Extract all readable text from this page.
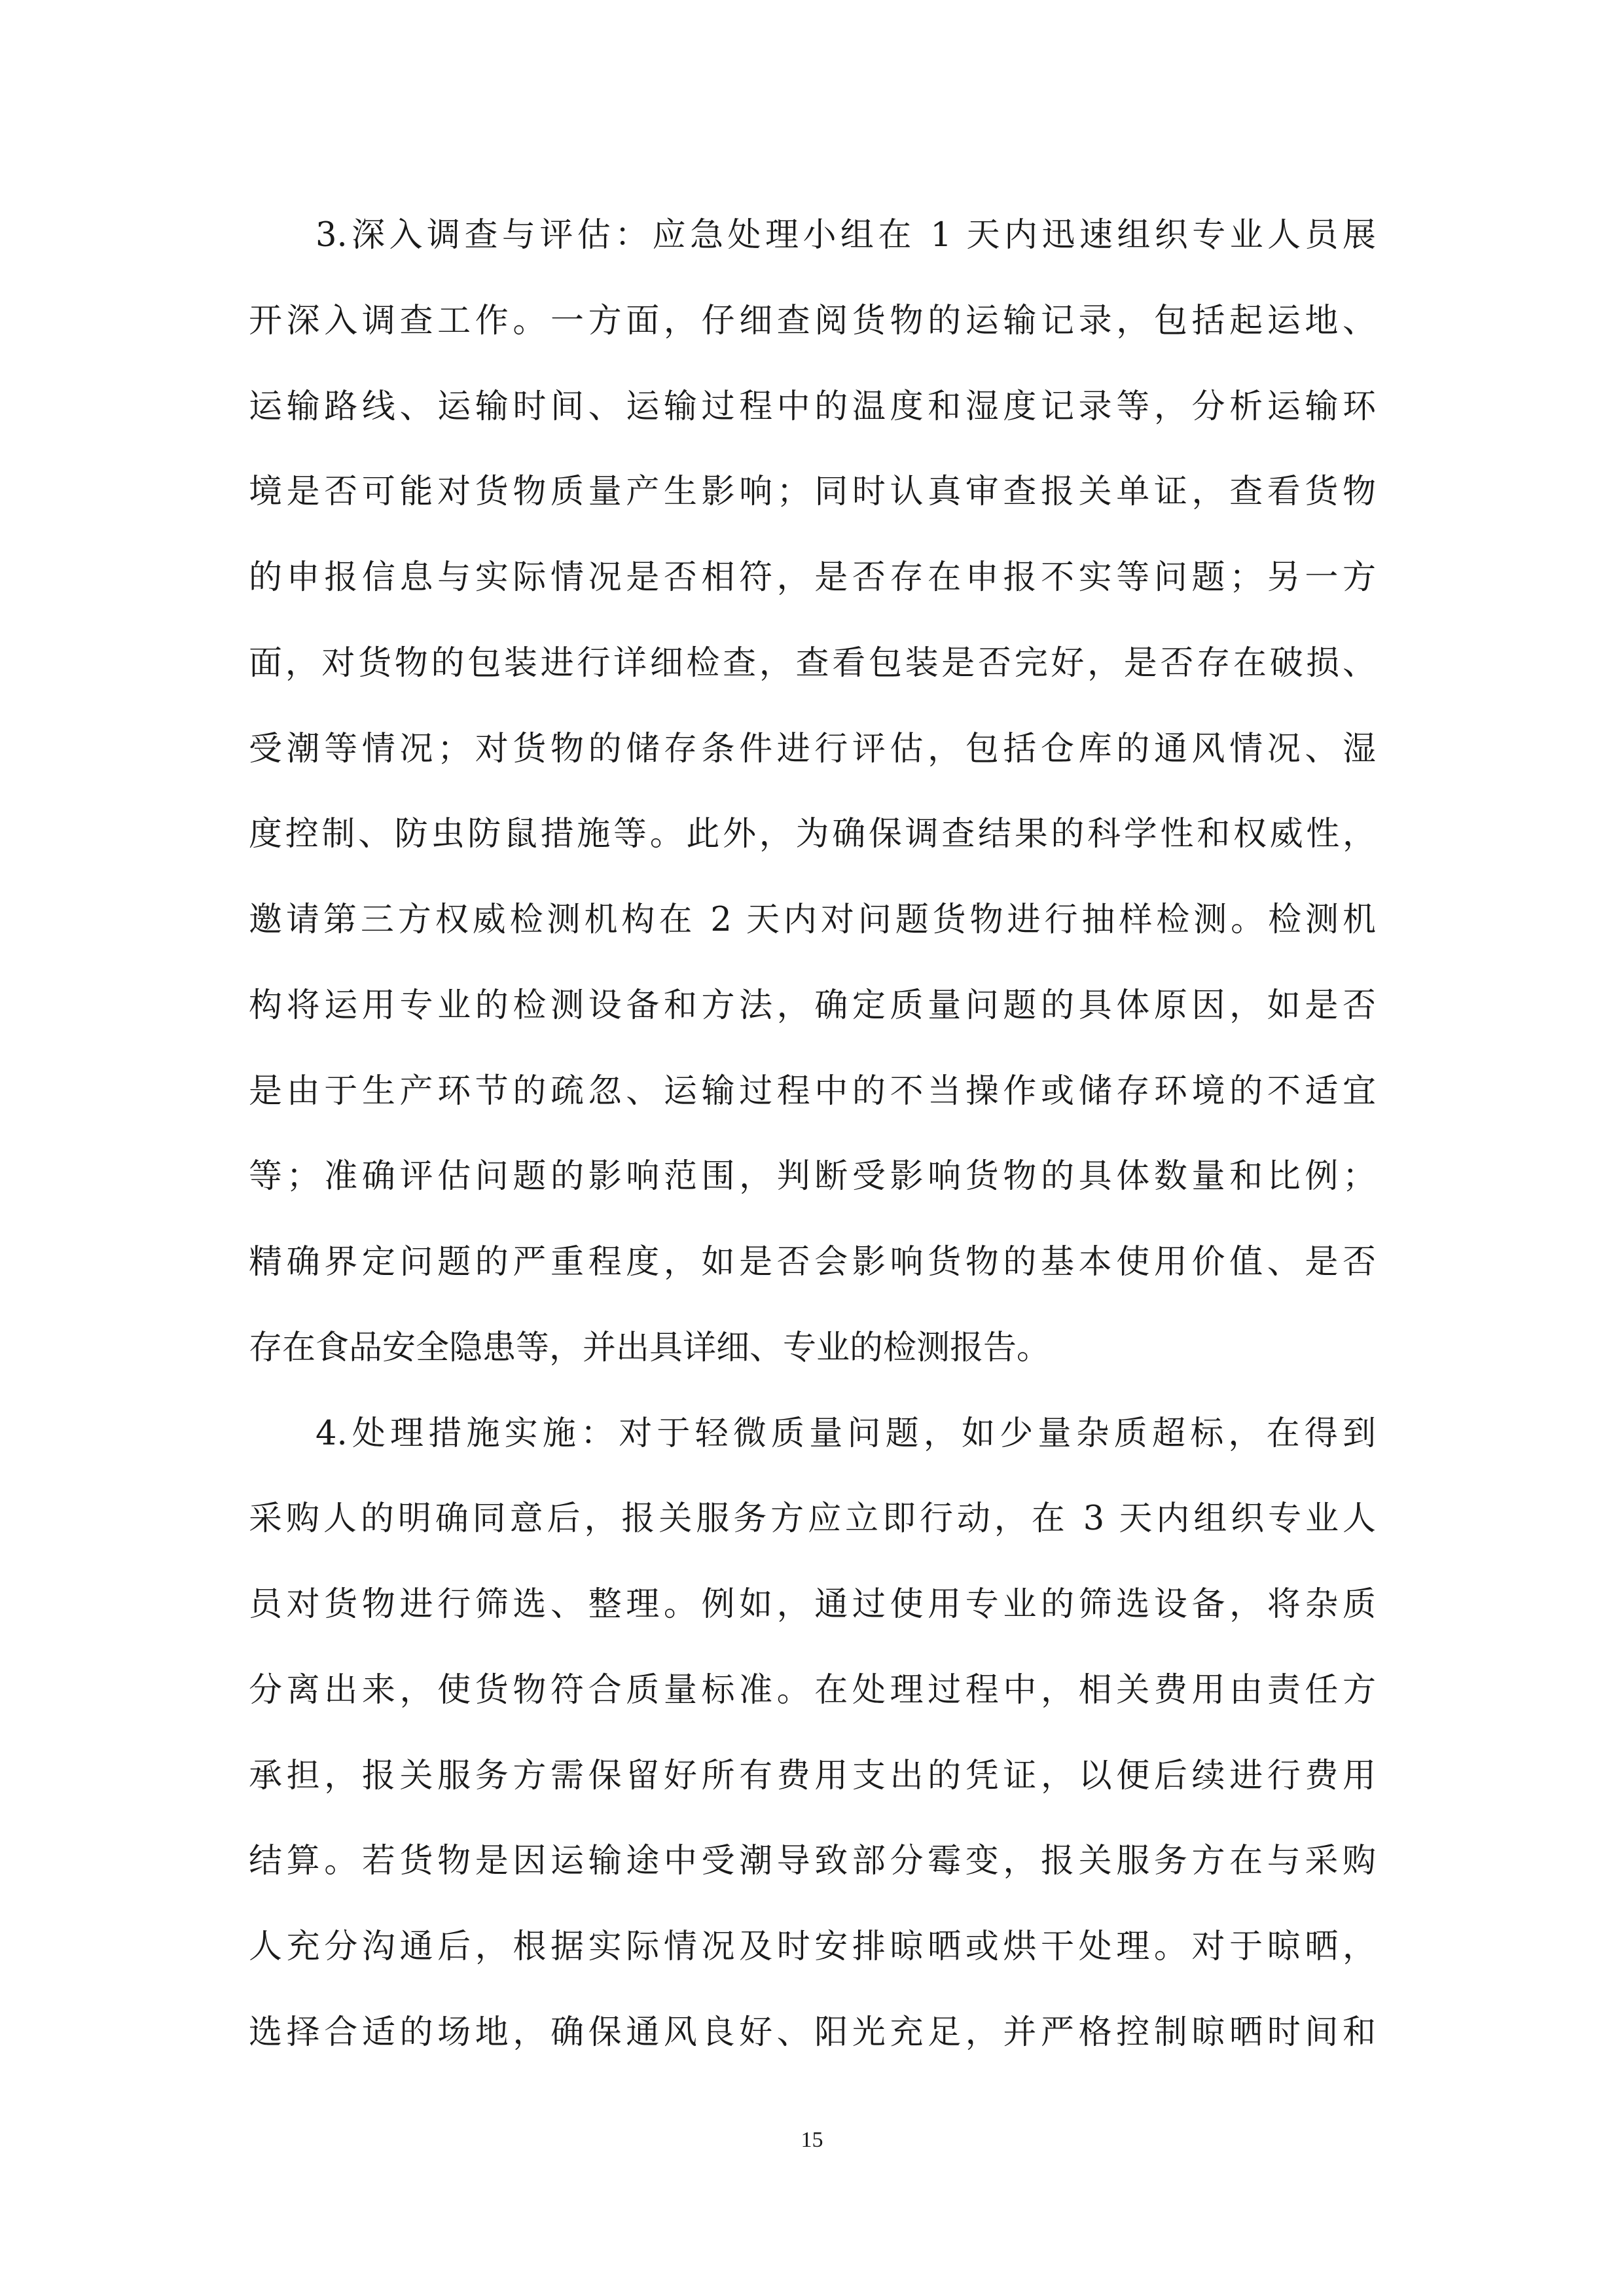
3.深入调查与评估：应急处理小组在 1 天内迅速组织专业人员展
开深入调查工作。一方面，仔细查阅货物的运输记录，包括起运地、
运输路线、运输时间、运输过程中的温度和湿度记录等，分析运输环
境是否可能对货物质量产生影响；同时认真审查报关单证，查看货物
的申报信息与实际情况是否相符，是否存在申报不实等问题；另一方
面，对货物的包装进行详细检查，查看包装是否完好，是否存在破损、
受潮等情况；对货物的储存条件进行评估，包括仓库的通风情况、湿
度控制、防虫防鼠措施等。此外，为确保调查结果的科学性和权威性，
邀请第三方权威检测机构在 2 天内对问题货物进行抽样检测。检测机
构将运用专业的检测设备和方法，确定质量问题的具体原因，如是否
是由于生产环节的疏忽、运输过程中的不当操作或储存环境的不适宜
等；准确评估问题的影响范围，判断受影响货物的具体数量和比例；
精确界定问题的严重程度，如是否会影响货物的基本使用价值、是否
存在食品安全隐患等，并出具详细、专业的检测报告。
4.处理措施实施：对于轻微质量问题，如少量杂质超标，在得到
采购人的明确同意后，报关服务方应立即行动，在 3 天内组织专业人
员对货物进行筛选、整理。例如，通过使用专业的筛选设备，将杂质
分离出来，使货物符合质量标准。在处理过程中，相关费用由责任方
承担，报关服务方需保留好所有费用支出的凭证，以便后续进行费用
结算。若货物是因运输途中受潮导致部分霉变，报关服务方在与采购
人充分沟通后，根据实际情况及时安排晾晒或烘干处理。对于晾晒，
选择合适的场地，确保通风良好、阳光充足，并严格控制晾晒时间和
15
